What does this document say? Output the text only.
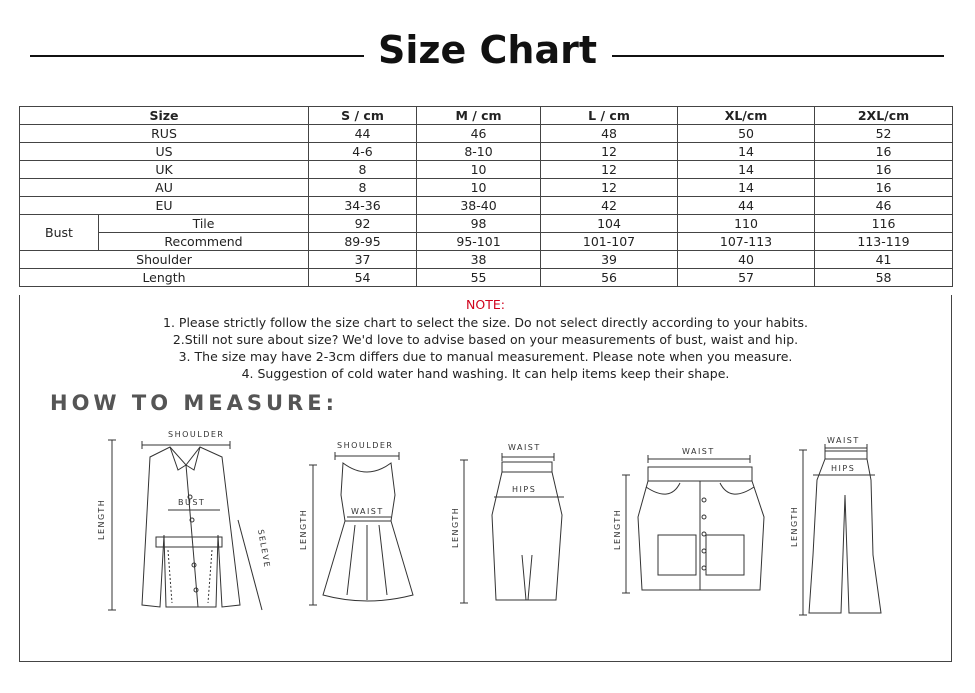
Size Chart
Size		S / cm	M / cm	L / cm	XL/cm	2XL/cm
RUS		44	46	48	50	52
US		4-6	8-10	12	14	16
UK		8	10	12	14	16
AU		8	10	12	14	16
EU		34-36	38-40	42	44	46
Bust	Tile	92	98	104	110	116
	Recommend	89-95	95-101	101-107	107-113	113-119
Shoulder		37	38	39	40	41
Length		54	55	56	57	58
NOTE:
1. Please strictly follow the size chart to select the size. Do not select directly according to your habits.
2.Still not sure about size? We'd love to advise based on your measurements of bust, waist and hip.
3. The size may have 2-3cm differs due to manual measurement. Please note when you measure.
4. Suggestion of cold water hand washing. It can help items keep their shape.
HOW TO MEASURE:
SHOULDER
BUST
LENGTH
SELEVE
SHOULDER
WAIST
LENGTH
WAIST
HIPS
LENGTH
WAIST
LENGTH
WAIST
HIPS
LENGTH
